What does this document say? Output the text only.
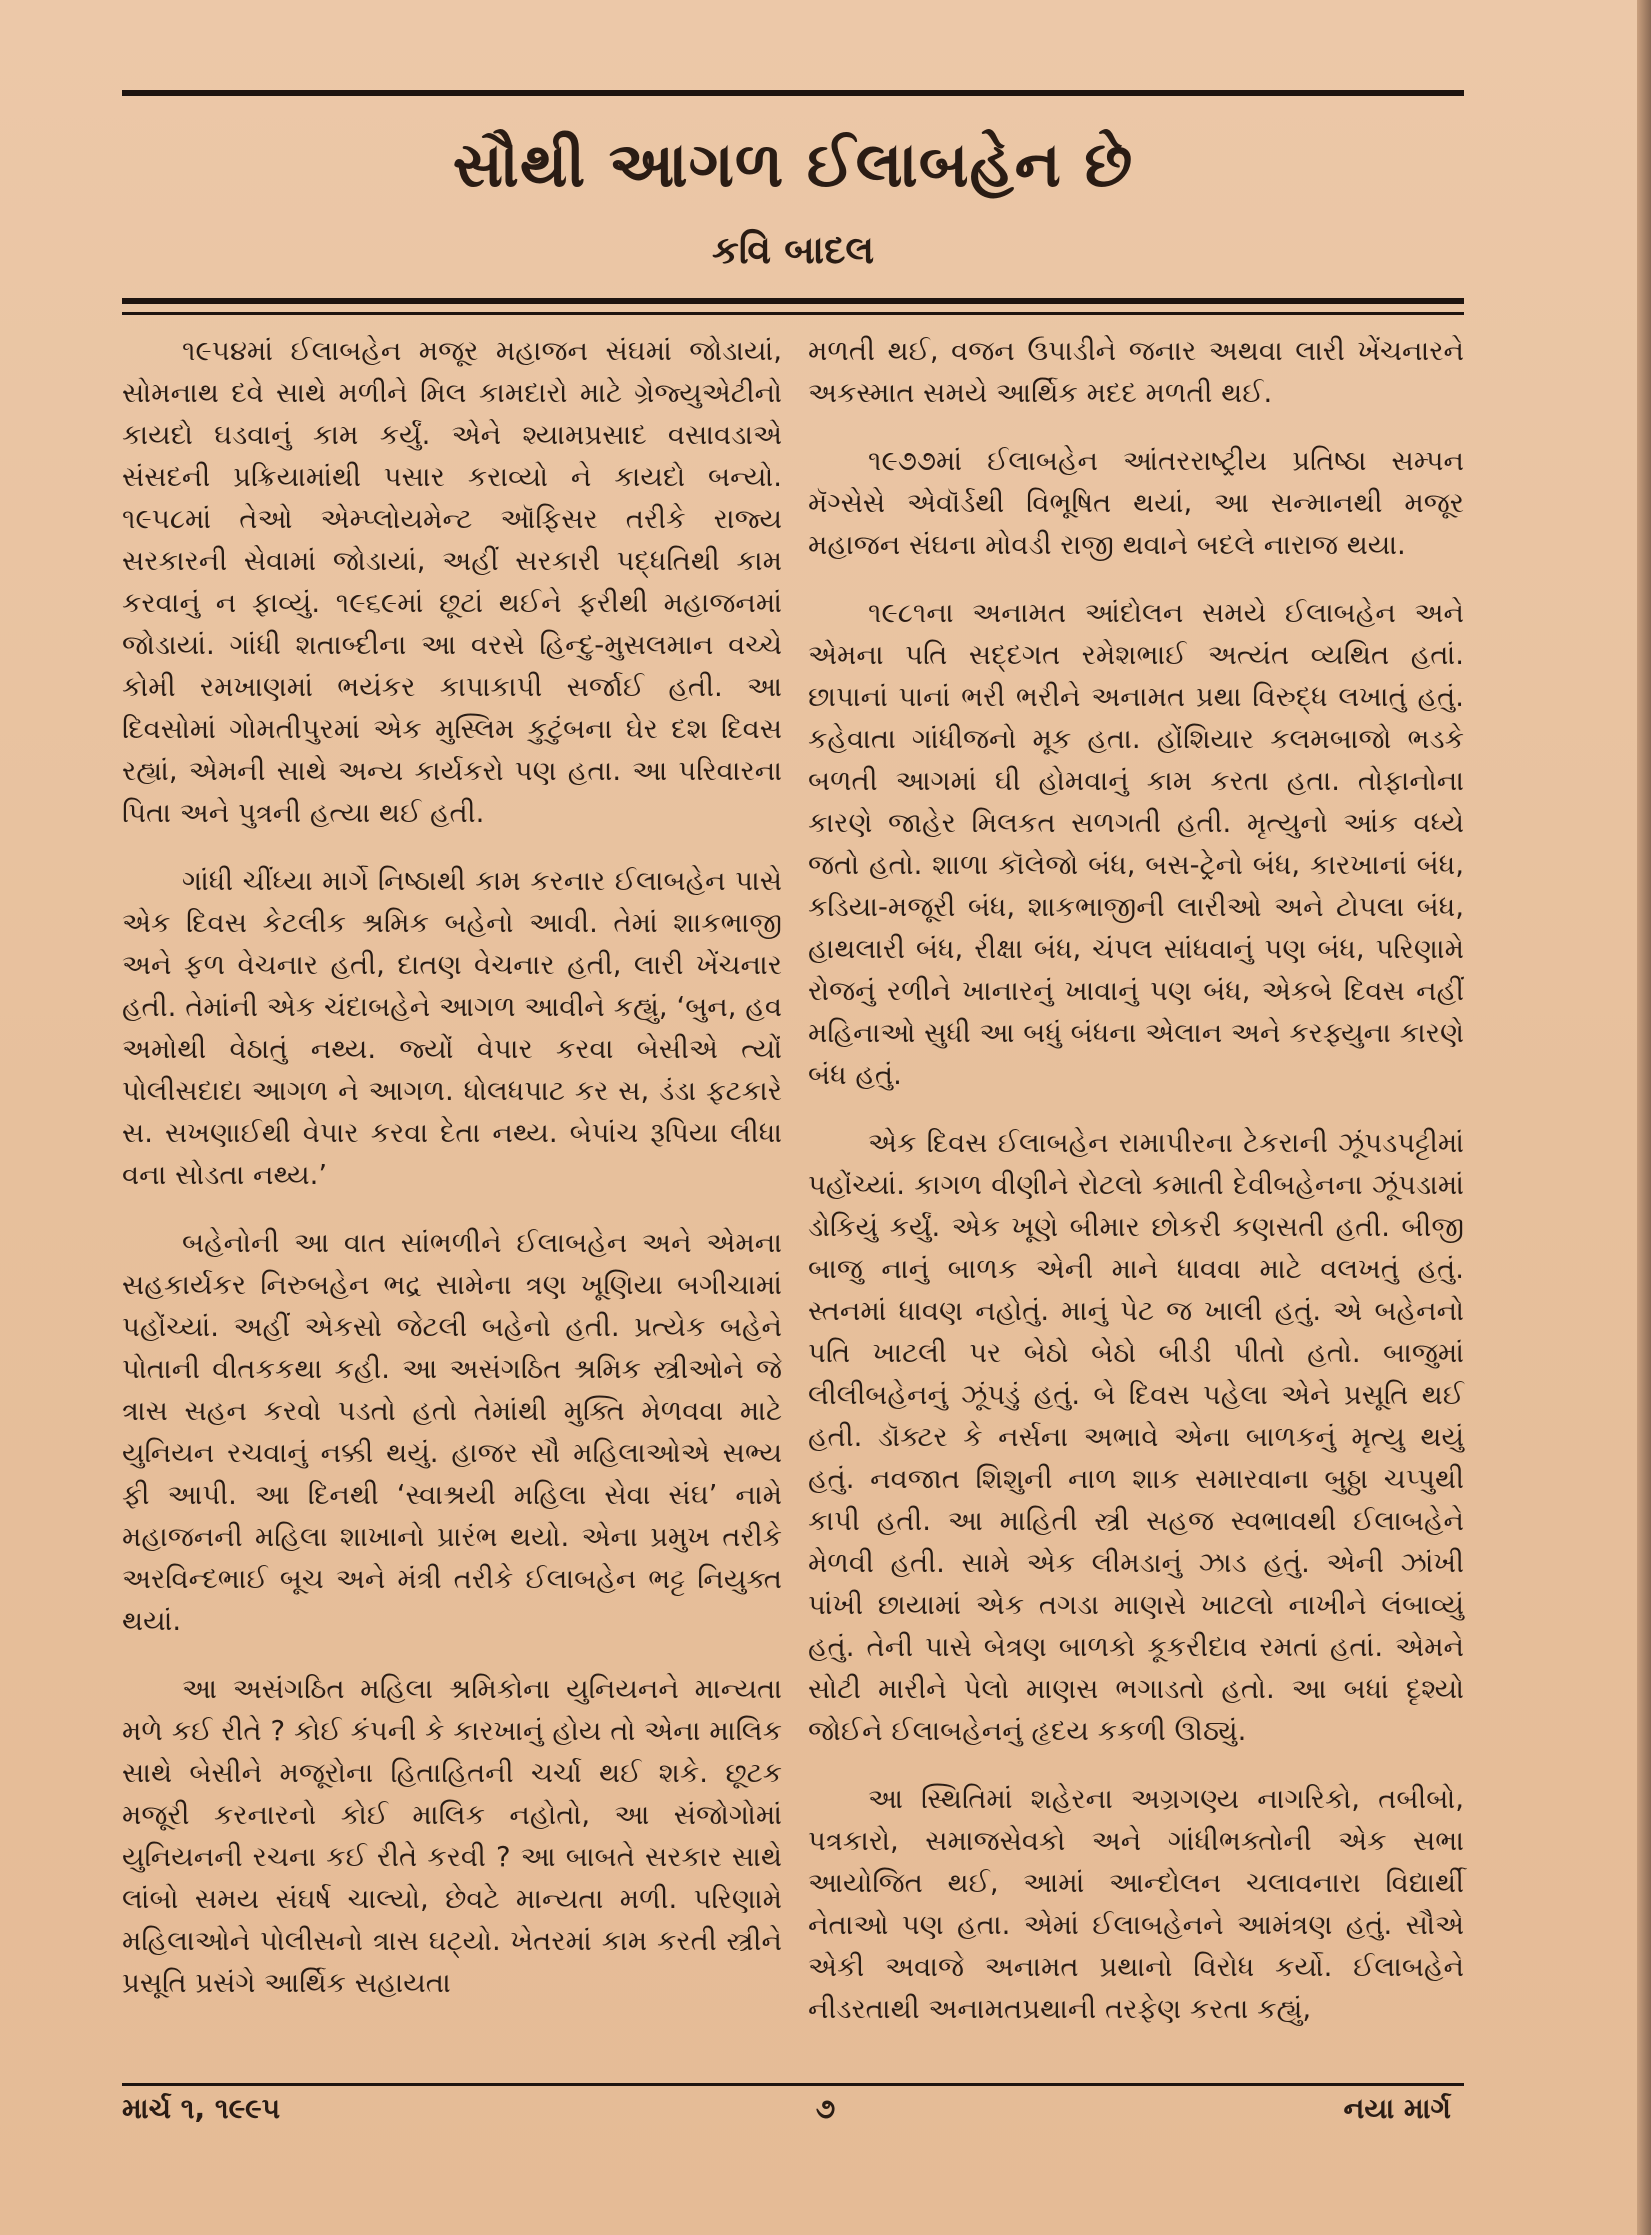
સૌથી આગળ ઈલાબહેન છે
કવિ બાદલ

૧૯૫૪માં ઈલાબહેન મજૂર મહાજન સંઘમાં જોડાયાં, સોમનાથ દવે સાથે મળીને મિલ કામદારો માટે ગ્રેજ્યુએટીનો કાયદો ઘડવાનું કામ કર્યું. એને શ્યામપ્રસાદ વસાવડાએ સંસદની પ્રક્રિયામાંથી પસાર કરાવ્યો ને કાયદો બન્યો. ૧૯૫૮માં તેઓ એમ્પ્લોયમેન્ટ ઑફિસર તરીકે રાજ્ય સરકારની સેવામાં જોડાયાં, અહીં સરકારી પદ્ધતિથી કામ કરવાનું ન ફાવ્યું. ૧૯૬૯માં છૂટાં થઈને ફરીથી મહાજનમાં જોડાયાં. ગાંધી શતાબ્દીના આ વરસે હિન્દુ-મુસલમાન વચ્ચે કોમી રમખાણમાં ભયંકર કાપાકાપી સર્જાઈ હતી. આ દિવસોમાં ગોમતીપુરમાં એક મુસ્લિમ કુટુંબના ઘેર દશ દિવસ રહ્યાં, એમની સાથે અન્ય કાર્યકરો પણ હતા. આ પરિવારના પિતા અને પુત્રની હત્યા થઈ હતી.

ગાંધી ચીંધ્યા માર્ગે નિષ્ઠાથી કામ કરનાર ઈલાબહેન પાસે એક દિવસ કેટલીક શ્રમિક બહેનો આવી. તેમાં શાકભાજી અને ફળ વેચનાર હતી, દાતણ વેચનાર હતી, લારી ખેંચનાર હતી. તેમાંની એક ચંદાબહેને આગળ આવીને કહ્યું, ‘બુન, હવ અમોથી વેઠાતું નથ્ય. જ્યોં વેપાર કરવા બેસીએ ત્યોં પોલીસદાદા આગળ ને આગળ. ધોલધપાટ કર સ, ડંડા ફટકારે સ. સખણાઈથી વેપાર કરવા દેતા નથ્ય. બેપાંચ રૂપિયા લીધા વના સોડતા નથ્ય.’

બહેનોની આ વાત સાંભળીને ઈલાબહેન અને એમના સહકાર્યકર નિરુબહેન ભદ્ર સામેના ત્રણ ખૂણિયા બગીચામાં પહોંચ્યાં. અહીં એકસો જેટલી બહેનો હતી. પ્રત્યેક બહેને પોતાની વીતકકથા કહી. આ અસંગઠિત શ્રમિક સ્ત્રીઓને જે ત્રાસ સહન કરવો પડતો હતો તેમાંથી મુક્તિ મેળવવા માટે યુનિયન રચવાનું નક્કી થયું. હાજર સૌ મહિલાઓએ સભ્ય ફી આપી. આ દિનથી ‘સ્વાશ્રયી મહિલા સેવા સંઘ’ નામે મહાજનની મહિલા શાખાનો પ્રારંભ થયો. એના પ્રમુખ તરીકે અરવિન્દભાઈ બૂચ અને મંત્રી તરીકે ઈલાબહેન ભટ્ટ નિયુક્ત થયાં.

આ અસંગઠિત મહિલા શ્રમિકોના યુનિયનને માન્યતા મળે કઈ રીતે ? કોઈ કંપની કે કારખાનું હોય તો એના માલિક સાથે બેસીને મજૂરોના હિતાહિતની ચર્ચા થઈ શકે. છૂટક મજૂરી કરનારનો કોઈ માલિક નહોતો, આ સંજોગોમાં યુનિયનની રચના કઈ રીતે કરવી ? આ બાબતે સરકાર સાથે લાંબો સમય સંઘર્ષ ચાલ્યો, છેવટે માન્યતા મળી. પરિણામે મહિલાઓને પોલીસનો ત્રાસ ઘટ્યો. ખેતરમાં કામ કરતી સ્ત્રીને પ્રસૂતિ પ્રસંગે આર્થિક સહાયતા

મળતી થઈ, વજન ઉપાડીને જનાર અથવા લારી ખેંચનારને અકસ્માત સમયે આર્થિક મદદ મળતી થઈ.

૧૯૭૭માં ઈલાબહેન આંતરરાષ્ટ્રીય પ્રતિષ્ઠા સમ્પન મૅગ્સેસે એવૉર્ડથી વિભૂષિત થયાં, આ સન્માનથી મજૂર મહાજન સંઘના મોવડી રાજી થવાને બદલે નારાજ થયા.

૧૯૮૧ના અનામત આંદોલન સમયે ઈલાબહેન અને એમના પતિ સદ્દગત રમેશભાઈ અત્યંત વ્યથિત હતાં. છાપાનાં પાનાં ભરી ભરીને અનામત પ્રથા વિરુદ્ધ લખાતું હતું. કહેવાતા ગાંધીજનો મૂક હતા. હોંશિયાર કલમબાજો ભડકે બળતી આગમાં ઘી હોમવાનું કામ કરતા હતા. તોફાનોના કારણે જાહેર મિલકત સળગતી હતી. મૃત્યુનો આંક વધ્યે જતો હતો. શાળા કૉલેજો બંધ, બસ-ટ્રેનો બંધ, કારખાનાં બંધ, કડિયા-મજૂરી બંધ, શાકભાજીની લારીઓ અને ટોપલા બંધ, હાથલારી બંધ, રીક્ષા બંધ, ચંપલ સાંધવાનું પણ બંધ, પરિણામે રોજનું રળીને ખાનારનું ખાવાનું પણ બંધ, એકબે દિવસ નહીં મહિનાઓ સુધી આ બધું બંધના એલાન અને કરફ્યુના કારણે બંધ હતું.

એક દિવસ ઈલાબહેન રામાપીરના ટેકરાની ઝૂંપડપટ્ટીમાં પહોંચ્યાં. કાગળ વીણીને રોટલો કમાતી દેવીબહેનના ઝૂંપડામાં ડોકિયું કર્યું. એક ખૂણે બીમાર છોકરી કણસતી હતી. બીજી બાજુ નાનું બાળક એની માને ધાવવા માટે વલખતું હતું. સ્તનમાં ધાવણ નહોતું. માનું પેટ જ ખાલી હતું. એ બહેનનો પતિ ખાટલી પર બેઠો બેઠો બીડી પીતો હતો. બાજુમાં લીલીબહેનનું ઝૂંપડું હતું. બે દિવસ પહેલા એને પ્રસૂતિ થઈ હતી. ડૉક્ટર કે નર્સના અભાવે એના બાળકનું મૃત્યુ થયું હતું. નવજાત શિશુની નાળ શાક સમારવાના બુઠ્ઠા ચપ્પુથી કાપી હતી. આ માહિતી સ્ત્રી સહજ સ્વભાવથી ઈલાબહેને મેળવી હતી. સામે એક લીમડાનું ઝાડ હતું. એની ઝાંખી પાંખી છાયામાં એક તગડા માણસે ખાટલો નાખીને લંબાવ્યું હતું. તેની પાસે બેત્રણ બાળકો કૂકરીદાવ રમતાં હતાં. એમને સોટી મારીને પેલો માણસ ભગાડતો હતો. આ બધાં દૃશ્યો જોઈને ઈલાબહેનનું હૃદય કકળી ઊઠ્યું.

આ સ્થિતિમાં શહેરના અગ્રગણ્ય નાગરિકો, તબીબો, પત્રકારો, સમાજસેવકો અને ગાંધીભક્તોની એક સભા આયોજિત થઈ, આમાં આન્દોલન ચલાવનારા વિદ્યાર્થી નેતાઓ પણ હતા. એમાં ઈલાબહેનને આમંત્રણ હતું. સૌએ એકી અવાજે અનામત પ્રથાનો વિરોધ કર્યો. ઈલાબહેને નીડરતાથી અનામતપ્રથાની તરફેણ કરતા કહ્યું,

માર્ચ ૧, ૧૯૯૫	૭	નયા માર્ગ
